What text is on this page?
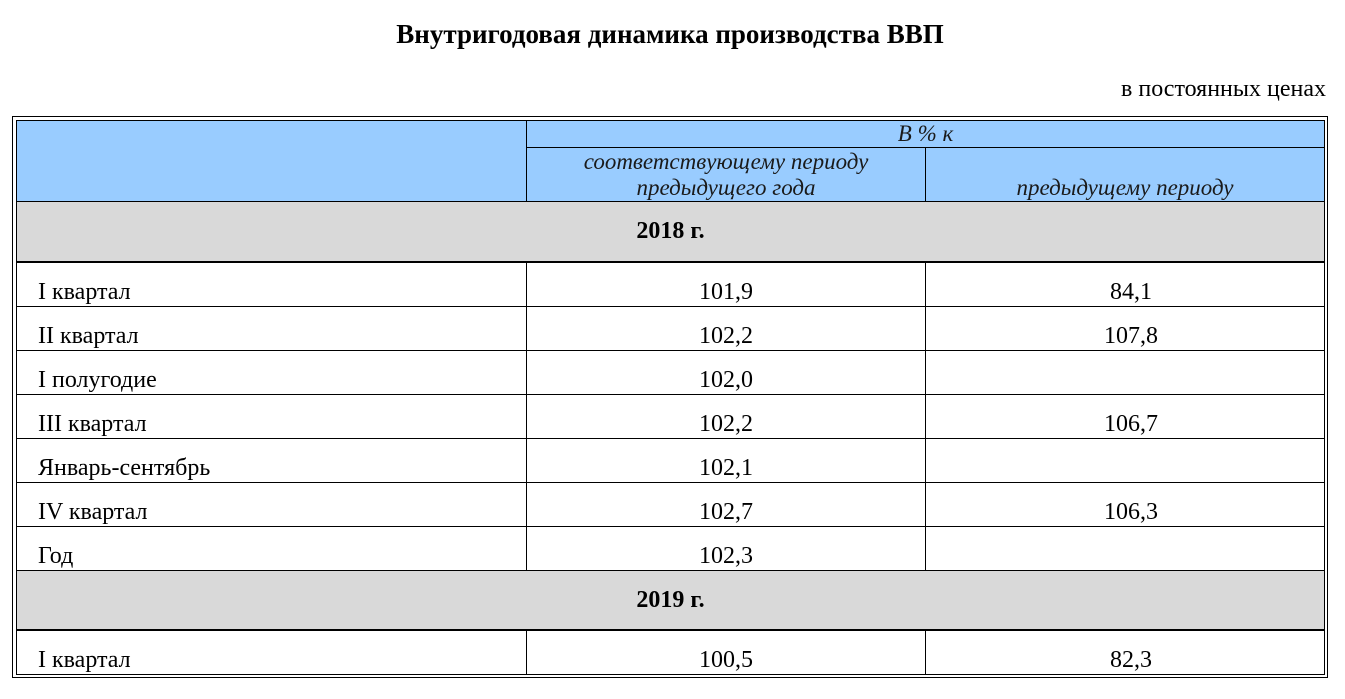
Внутригодовая динамика производства ВВП
в постоянных ценах
	В % к	
	соответствующему периоду предыдущего года	предыдущему периоду
2018 г.		
I квартал	101,9	84,1
II квартал	102,2	107,8
I полугодие	102,0	
III квартал	102,2	106,7
Январь-сентябрь	102,1	
IV квартал	102,7	106,3
Год	102,3	
2019 г.		
I квартал	100,5	82,3
